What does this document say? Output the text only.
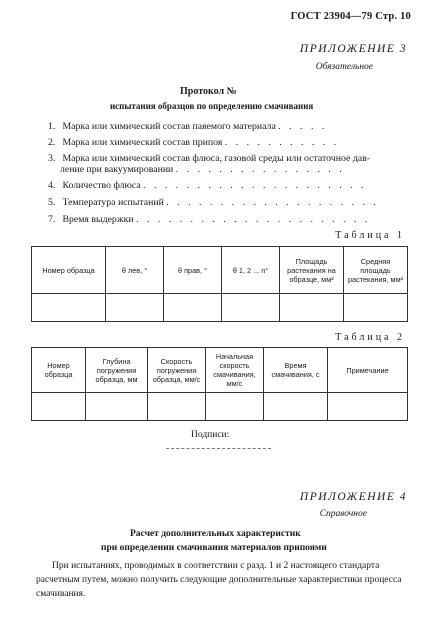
ГОСТ 23904—79 Стр. 10
ПРИЛОЖЕНИЕ 3
Обязательное
Протокол №
испытания образцов по определению смачивания
1. Марка или химический состав паяемого материала . . . . .
2. Марка или химический состав припоя . . . . . . . . . . .
3. Марка или химический состав флюса, газовой среды или остаточное дав-
ление при вакуумировании . . . . . . . . . . . . . . . .
4. Количество флюса . . . . . . . . . . . . . . . . . . . . .
5. Температура испытаний . . . . . . . . . . . . . . . . . . . .
7. Время выдержки . . . . . . . . . . . . . . . . . . . . . .
Таблица 1
Номер образца	θ лев, °	θ прав, °	θ 1, 2 ... n°	Площадь растекания на образце, мм²	Средняя площадь растекания, мм²

Таблица 2
Номер образца	Глубина погружения образца, мм	Скорость погружения образца, мм/с	Начальная скорость смачивания, мм/с	Время смачивания, с	Примечание

Подписи:
ПРИЛОЖЕНИЕ 4
Справочное
Расчет дополнительных характеристик
при определении смачивания материалов припоями
При испытаниях, проводимых в соответствии с разд. 1 и 2 настоящего стандарта расчетным путем, можно получить следующие дополнительные характеристики процесса смачивания.
